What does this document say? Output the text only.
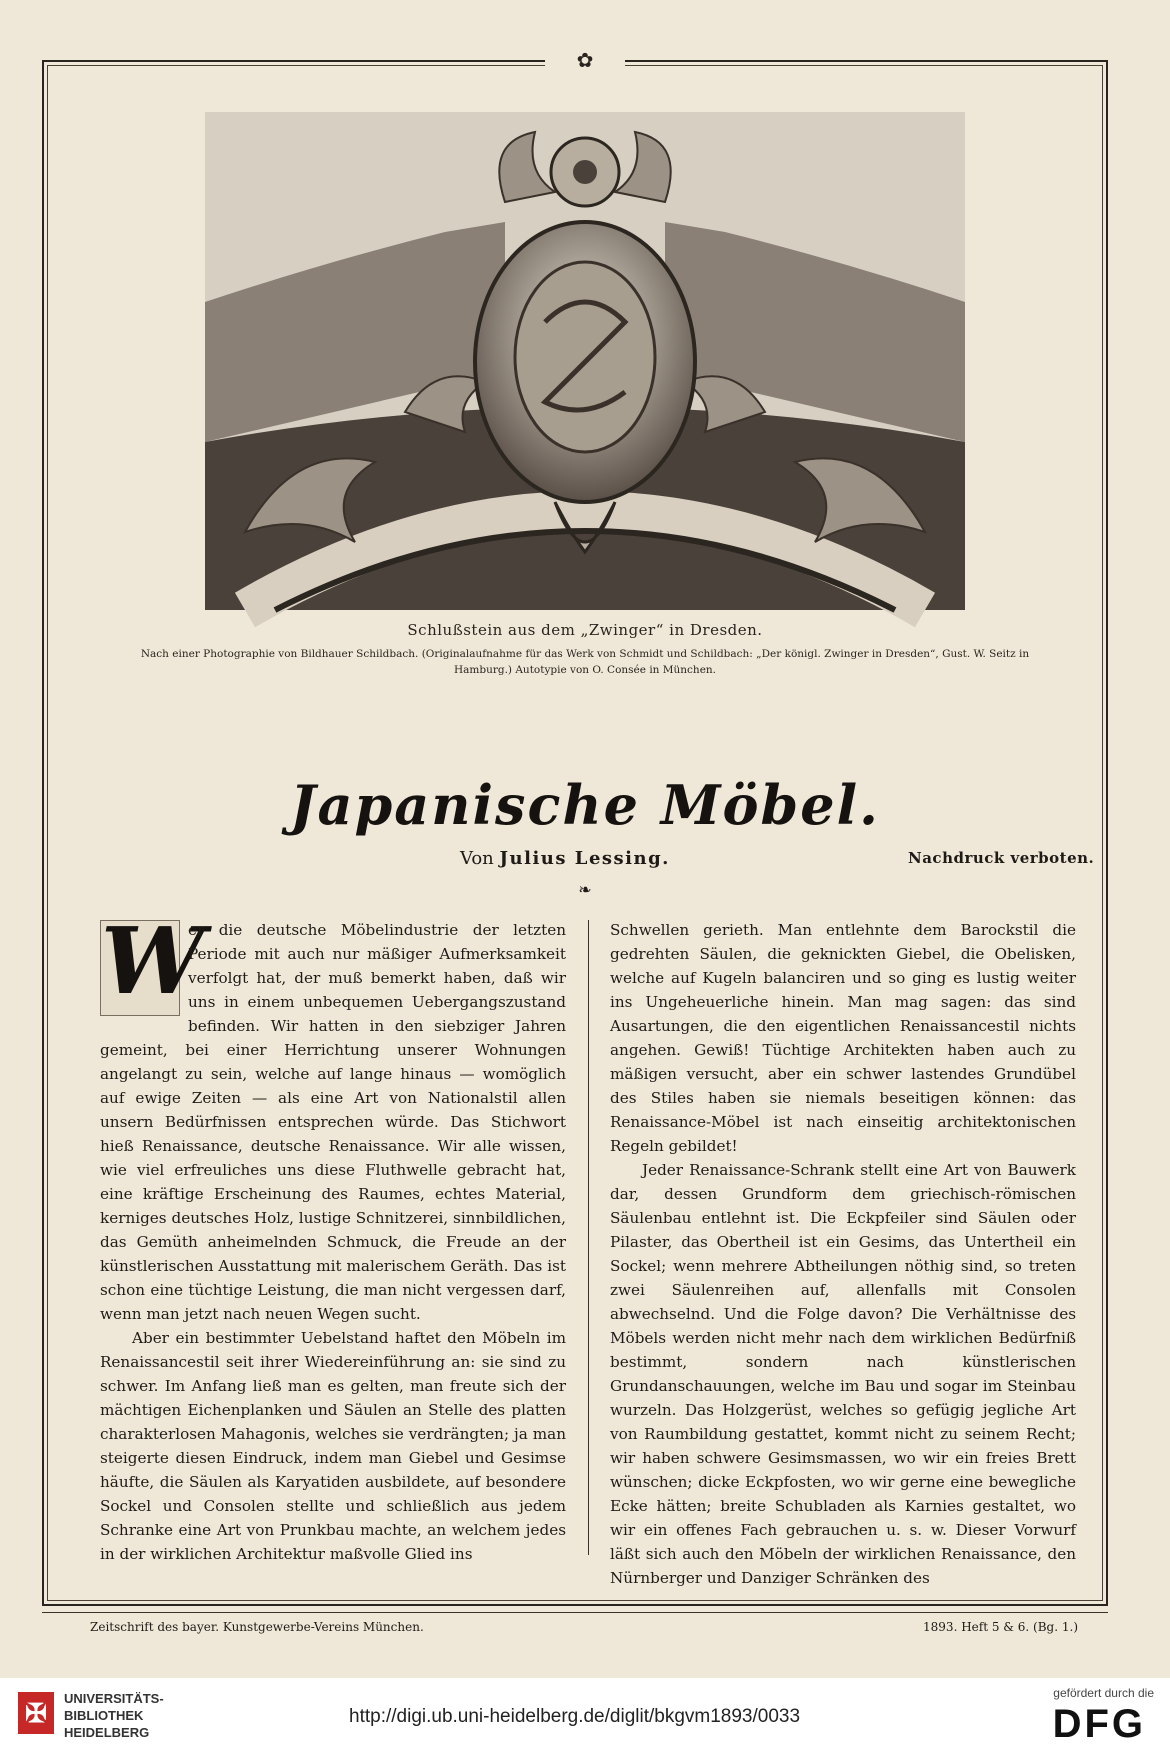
✿
Schlußstein aus dem „Zwinger“ in Dresden.
Nach einer Photographie von Bildhauer Schildbach. (Originalaufnahme für das Werk von Schmidt und Schildbach: „Der königl. Zwinger in Dresden“, Gust. W. Seitz in Hamburg.) Autotypie von O. Consée in München.
Japanische Möbel.
Von Julius Lessing.	Nachdruck verboten.
❧

W
er die deutsche Möbelindustrie der letzten Periode mit auch nur mäßiger Aufmerksamkeit verfolgt hat, der muß bemerkt haben, daß wir uns in einem unbequemen Uebergangszustand befinden. Wir hatten in den siebziger Jahren gemeint, bei einer Herrichtung unserer Wohnungen angelangt zu sein, welche auf lange hinaus — womöglich auf ewige Zeiten — als eine Art von Nationalstil allen unsern Bedürfnissen entsprechen würde. Das Stichwort hieß Renaissance, deutsche Renaissance. Wir alle wissen, wie viel erfreuliches uns diese Fluthwelle gebracht hat, eine kräftige Erscheinung des Raumes, echtes Material, kerniges deutsches Holz, lustige Schnitzerei, sinnbildlichen, das Gemüth anheimelnden Schmuck, die Freude an der künstlerischen Ausstattung mit malerischem Geräth. Das ist schon eine tüchtige Leistung, die man nicht vergessen darf, wenn man jetzt nach neuen Wegen sucht.

Aber ein bestimmter Uebelstand haftet den Möbeln im Renaissancestil seit ihrer Wiedereinführung an: sie sind zu schwer. Im Anfang ließ man es gelten, man freute sich der mächtigen Eichenplanken und Säulen an Stelle des platten charakterlosen Mahagonis, welches sie verdrängten; ja man steigerte diesen Eindruck, indem man Giebel und Gesimse häufte, die Säulen als Karyatiden ausbildete, auf besondere Sockel und Consolen stellte und schließlich aus jedem Schranke eine Art von Prunkbau machte, an welchem jedes in der wirklichen Architektur maßvolle Glied ins

Schwellen gerieth. Man entlehnte dem Barockstil die gedrehten Säulen, die geknickten Giebel, die Obelisken, welche auf Kugeln balanciren und so ging es lustig weiter ins Ungeheuerliche hinein. Man mag sagen: das sind Ausartungen, die den eigentlichen Renaissancestil nichts angehen. Gewiß! Tüchtige Architekten haben auch zu mäßigen versucht, aber ein schwer lastendes Grundübel des Stiles haben sie niemals beseitigen können: das Renaissance-Möbel ist nach einseitig architektonischen Regeln gebildet!

Jeder Renaissance-Schrank stellt eine Art von Bauwerk dar, dessen Grundform dem griechisch-römischen Säulenbau entlehnt ist. Die Eckpfeiler sind Säulen oder Pilaster, das Obertheil ist ein Gesims, das Untertheil ein Sockel; wenn mehrere Abtheilungen nöthig sind, so treten zwei Säulenreihen auf, allenfalls mit Consolen abwechselnd. Und die Folge davon? Die Verhältnisse des Möbels werden nicht mehr nach dem wirklichen Bedürfniß bestimmt, sondern nach künstlerischen Grundanschauungen, welche im Bau und sogar im Steinbau wurzeln. Das Holzgerüst, welches so gefügig jegliche Art von Raumbildung gestattet, kommt nicht zu seinem Recht; wir haben schwere Gesimsmassen, wo wir ein freies Brett wünschen; dicke Eckpfosten, wo wir gerne eine bewegliche Ecke hätten; breite Schubladen als Karnies gestaltet, wo wir ein offenes Fach gebrauchen u. s. w. Dieser Vorwurf läßt sich auch den Möbeln der wirklichen Renaissance, den Nürnberger und Danziger Schränken des

Zeitschrift des bayer. Kunstgewerbe-Vereins München.	1893. Heft 5 & 6. (Bg. 1.)
✠	UNIVERSITÄTS-
BIBLIOTHEK
HEIDELBERG
http://digi.ub.uni-heidelberg.de/diglit/bkgvm1893/0033
gefördert durch die
DFG
